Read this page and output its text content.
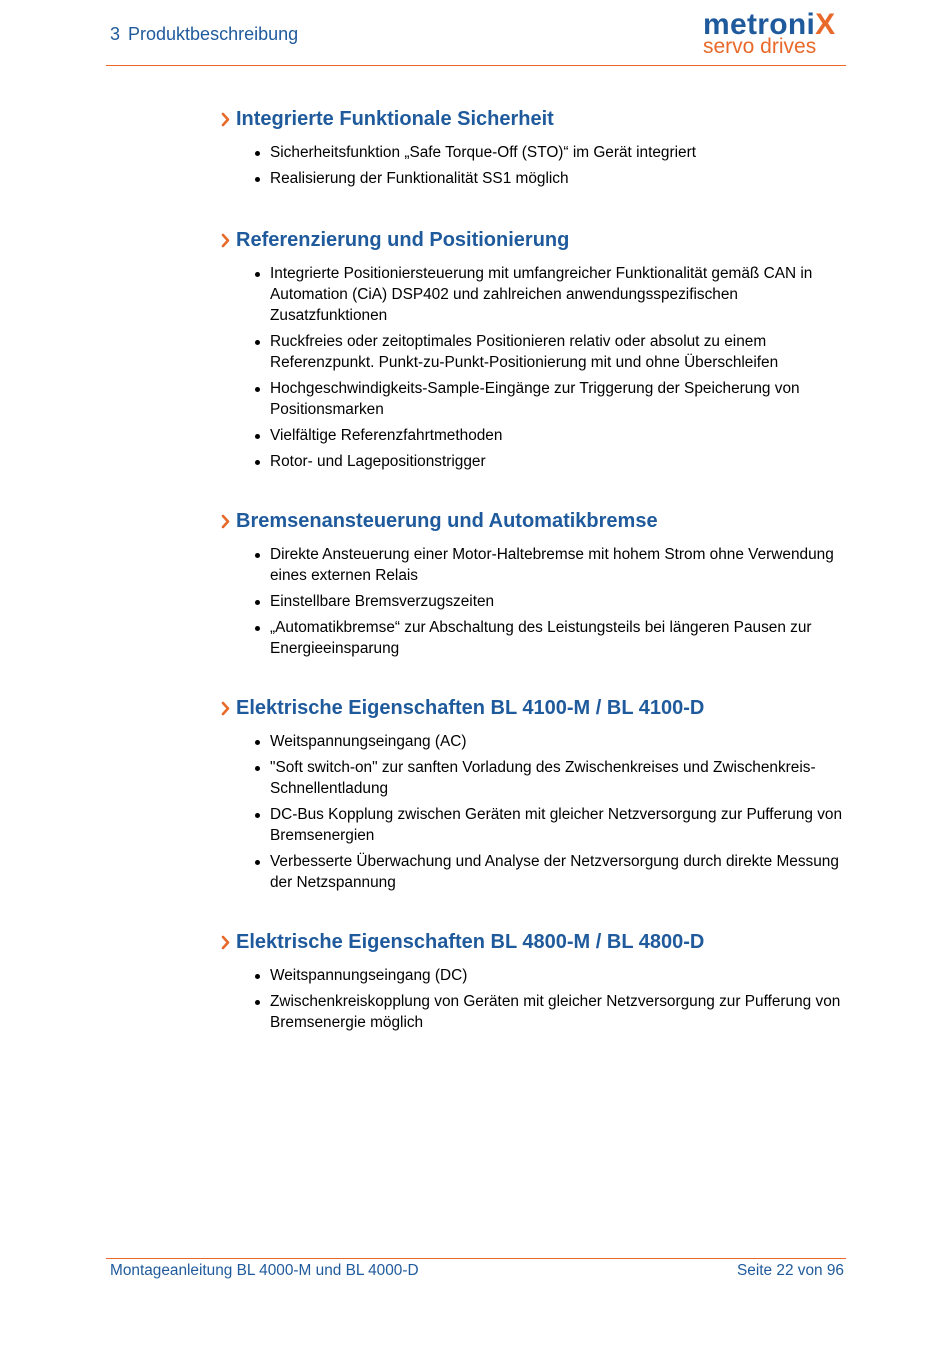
3 Produktbeschreibung	metroniX
servo drives
Integrierte Funktionale Sicherheit
Sicherheitsfunktion „Safe Torque-Off (STO)“ im Gerät integriert
Realisierung der Funktionalität SS1 möglich
Referenzierung und Positionierung
Integrierte Positioniersteuerung mit umfangreicher Funktionalität gemäß CAN in Automation (CiA) DSP402 und zahlreichen anwendungsspezifischen Zusatzfunktionen
Ruckfreies oder zeitoptimales Positionieren relativ oder absolut zu einem Referenzpunkt. Punkt-zu-Punkt-Positionierung mit und ohne Überschleifen
Hochgeschwindigkeits-Sample-Eingänge zur Triggerung der Speicherung von Positionsmarken
Vielfältige Referenzfahrtmethoden
Rotor- und Lagepositionstrigger
Bremsenansteuerung und Automatikbremse
Direkte Ansteuerung einer Motor-Haltebremse mit hohem Strom ohne Verwendung eines externen Relais
Einstellbare Bremsverzugszeiten
„Automatikbremse“ zur Abschaltung des Leistungsteils bei längeren Pausen zur Energieeinsparung
Elektrische Eigenschaften BL 4100-M / BL 4100-D
Weitspannungseingang (AC)
"Soft switch-on" zur sanften Vorladung des Zwischenkreises und Zwischenkreis-Schnellentladung
DC-Bus Kopplung zwischen Geräten mit gleicher Netzversorgung zur Pufferung von Bremsenergien
Verbesserte Überwachung und Analyse der Netzversorgung durch direkte Messung der Netzspannung
Elektrische Eigenschaften BL 4800-M / BL 4800-D
Weitspannungseingang (DC)
Zwischenkreiskopplung von Geräten mit gleicher Netzversorgung zur Pufferung von Bremsenergie möglich
Montageanleitung BL 4000-M und BL 4000-D	Seite 22 von 96
